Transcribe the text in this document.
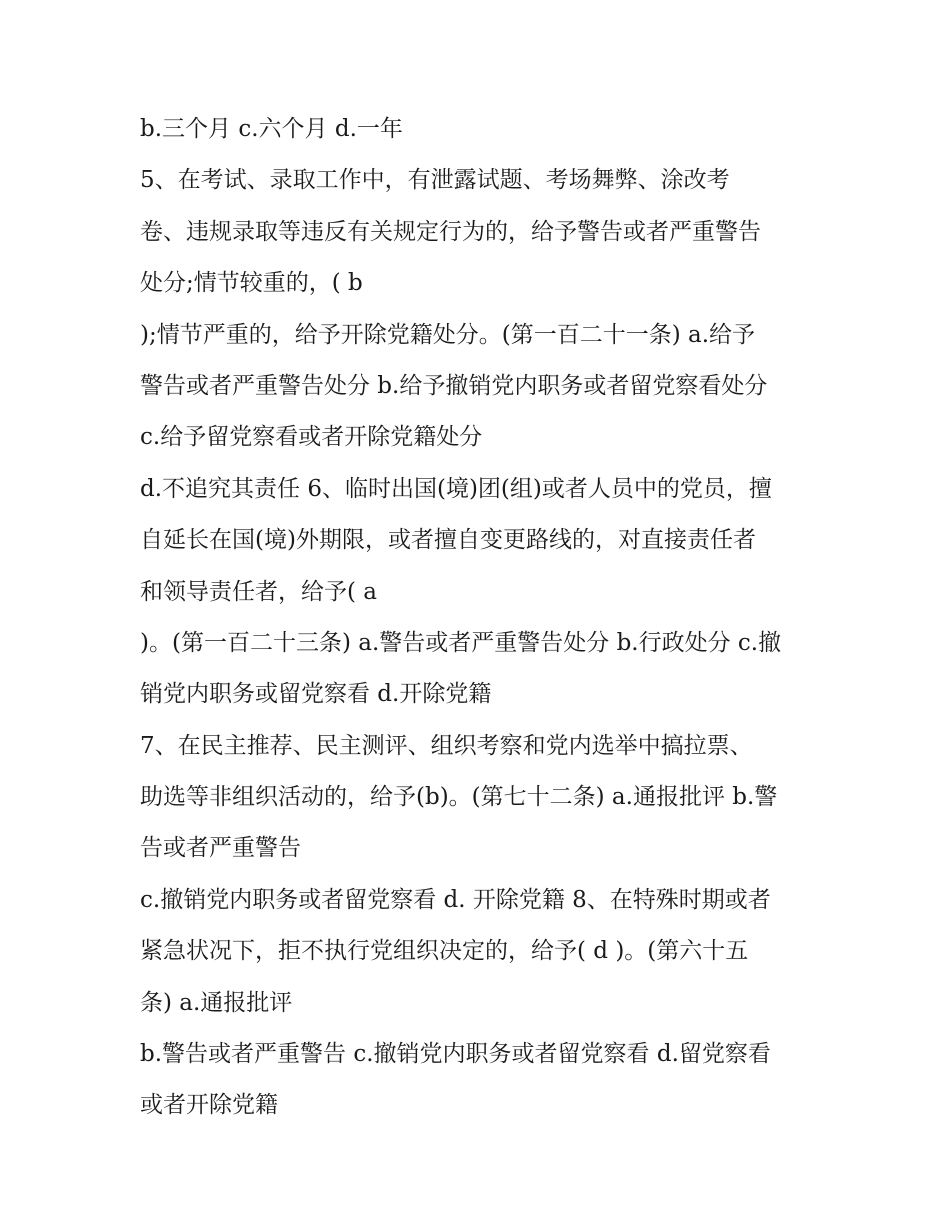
b.三个月 c.六个月 d.一年
5、在考试、录取工作中，有泄露试题、考场舞弊、涂改考
卷、违规录取等违反有关规定行为的，给予警告或者严重警告
处分;情节较重的，( b
);情节严重的，给予开除党籍处分。(第一百二十一条) a.给予
警告或者严重警告处分 b.给予撤销党内职务或者留党察看处分
c.给予留党察看或者开除党籍处分
d.不追究其责任 6、临时出国(境)团(组)或者人员中的党员，擅
自延长在国(境)外期限，或者擅自变更路线的，对直接责任者
和领导责任者，给予( a
)。(第一百二十三条) a.警告或者严重警告处分 b.行政处分 c.撤
销党内职务或留党察看 d.开除党籍
7、在民主推荐、民主测评、组织考察和党内选举中搞拉票、
助选等非组织活动的，给予(b)。(第七十二条) a.通报批评 b.警
告或者严重警告
c.撤销党内职务或者留党察看 d. 开除党籍 8、在特殊时期或者
紧急状况下，拒不执行党组织决定的，给予( d )。(第六十五
条) a.通报批评
b.警告或者严重警告 c.撤销党内职务或者留党察看 d.留党察看
或者开除党籍
